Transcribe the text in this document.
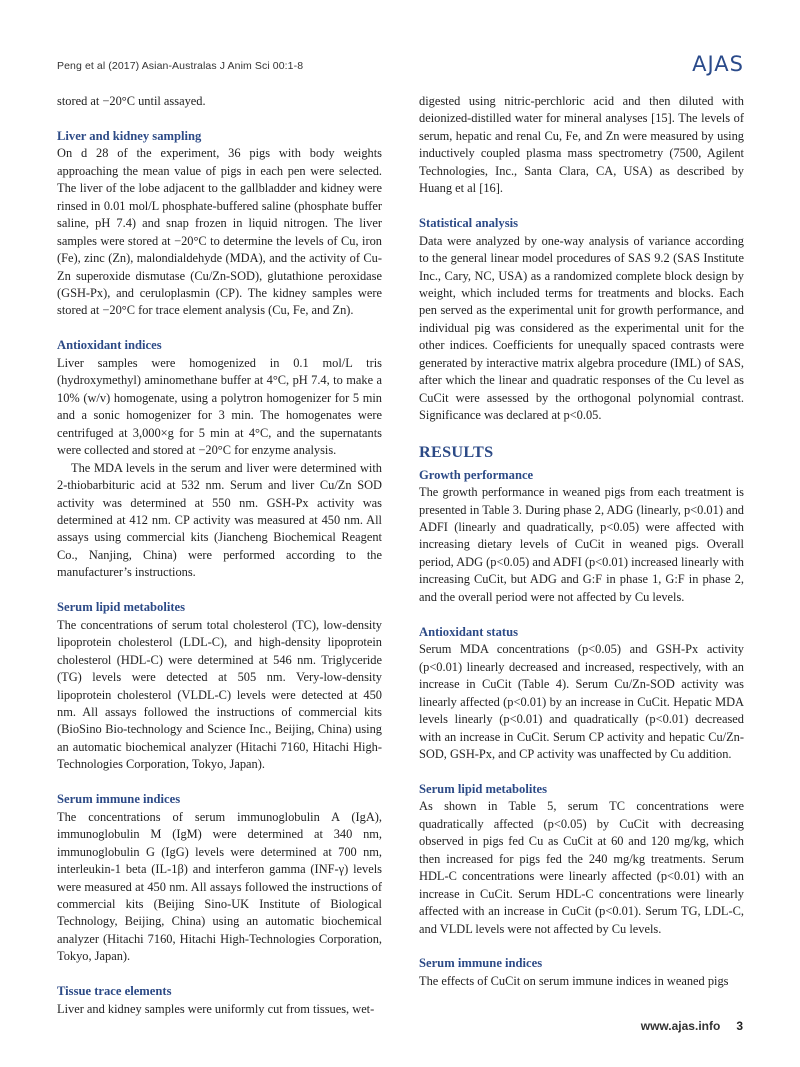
Peng et al (2017) Asian-Australas J Anim Sci 00:1-8	AJAS

stored at −20°C until assayed.

Liver and kidney sampling

On d 28 of the experiment, 36 pigs with body weights approaching the mean value of pigs in each pen were selected. The liver of the lobe adjacent to the gallbladder and kidney were rinsed in 0.01 mol/L phosphate-buffered saline (phosphate buffer saline, pH 7.4) and snap frozen in liquid nitrogen. The liver samples were stored at −20°C to determine the levels of Cu, iron (Fe), zinc (Zn), malondialdehyde (MDA), and the activity of Cu-Zn superoxide dismutase (Cu/Zn-SOD), glutathione peroxidase (GSH-Px), and ceruloplasmin (CP). The kidney samples were stored at −20°C for trace element analysis (Cu, Fe, and Zn).

Antioxidant indices

Liver samples were homogenized in 0.1 mol/L tris (hydroxymethyl) aminomethane buffer at 4°C, pH 7.4, to make a 10% (w/v) homogenate, using a polytron homogenizer for 5 min and a sonic homogenizer for 3 min. The homogenates were centrifuged at 3,000×g for 5 min at 4°C, and the supernatants were collected and stored at −20°C for enzyme analysis.

The MDA levels in the serum and liver were determined with 2-thiobarbituric acid at 532 nm. Serum and liver Cu/Zn SOD activity was determined at 550 nm. GSH-Px activity was determined at 412 nm. CP activity was measured at 450 nm. All assays using commercial kits (Jiancheng Biochemical Reagent Co., Nanjing, China) were performed according to the manufacturer’s instructions.

Serum lipid metabolites

The concentrations of serum total cholesterol (TC), low-density lipoprotein cholesterol (LDL-C), and high-density lipoprotein cholesterol (HDL-C) were determined at 546 nm. Triglyceride (TG) levels were detected at 505 nm. Very-low-density lipoprotein cholesterol (VLDL-C) levels were detected at 450 nm. All assays followed the instructions of commercial kits (BioSino Bio-technology and Science Inc., Beijing, China) using an automatic biochemical analyzer (Hitachi 7160, Hitachi High-Technologies Corporation, Tokyo, Japan).

Serum immune indices

The concentrations of serum immunoglobulin A (IgA), immunoglobulin M (IgM) were determined at 340 nm, immunoglobulin G (IgG) levels were determined at 700 nm, interleukin-1 beta (IL-1β) and interferon gamma (INF-γ) levels were measured at 450 nm. All assays followed the instructions of commercial kits (Beijing Sino-UK Institute of Biological Technology, Beijing, China) using an automatic biochemical analyzer (Hitachi 7160, Hitachi High-Technologies Corporation, Tokyo, Japan).

Tissue trace elements

Liver and kidney samples were uniformly cut from tissues, wet-

digested using nitric-perchloric acid and then diluted with deionized-distilled water for mineral analyses [15]. The levels of serum, hepatic and renal Cu, Fe, and Zn were measured by using inductively coupled plasma mass spectrometry (7500, Agilent Technologies, Inc., Santa Clara, CA, USA) as described by Huang et al [16].

Statistical analysis

Data were analyzed by one-way analysis of variance according to the general linear model procedures of SAS 9.2 (SAS Institute Inc., Cary, NC, USA) as a randomized complete block design by weight, which included terms for treatments and blocks. Each pen served as the experimental unit for growth performance, and individual pig was considered as the experimental unit for the other indices. Coefficients for unequally spaced contrasts were generated by interactive matrix algebra procedure (IML) of SAS, after which the linear and quadratic responses of the Cu level as CuCit were assessed by the orthogonal polynomial contrast. Significance was declared at p<0.05.

RESULTS
Growth performance

The growth performance in weaned pigs from each treatment is presented in Table 3. During phase 2, ADG (linearly, p<0.01) and ADFI (linearly and quadratically, p<0.05) were affected with increasing dietary levels of CuCit in weaned pigs. Overall period, ADG (p<0.05) and ADFI (p<0.01) increased linearly with increasing CuCit, but ADG and G:F in phase 1, G:F in phase 2, and the overall period were not affected by Cu levels.

Antioxidant status

Serum MDA concentrations (p<0.05) and GSH-Px activity (p<0.01) linearly decreased and increased, respectively, with an increase in CuCit (Table 4). Serum Cu/Zn-SOD activity was linearly affected (p<0.01) by an increase in CuCit. Hepatic MDA levels linearly (p<0.01) and quadratically (p<0.01) decreased with an increase in CuCit. Serum CP activity and hepatic Cu/Zn-SOD, GSH-Px, and CP activity was unaffected by Cu addition.

Serum lipid metabolites

As shown in Table 5, serum TC concentrations were quadratically affected (p<0.05) by CuCit with decreasing observed in pigs fed Cu as CuCit at 60 and 120 mg/kg, which then increased for pigs fed the 240 mg/kg treatments. Serum HDL-C concentrations were linearly affected (p<0.01) with an increase in CuCit. Serum HDL-C concentrations were linearly affected with an increase in CuCit (p<0.01). Serum TG, LDL-C, and VLDL levels were not affected by Cu levels.

Serum immune indices

The effects of CuCit on serum immune indices in weaned pigs

www.ajas.info 3
